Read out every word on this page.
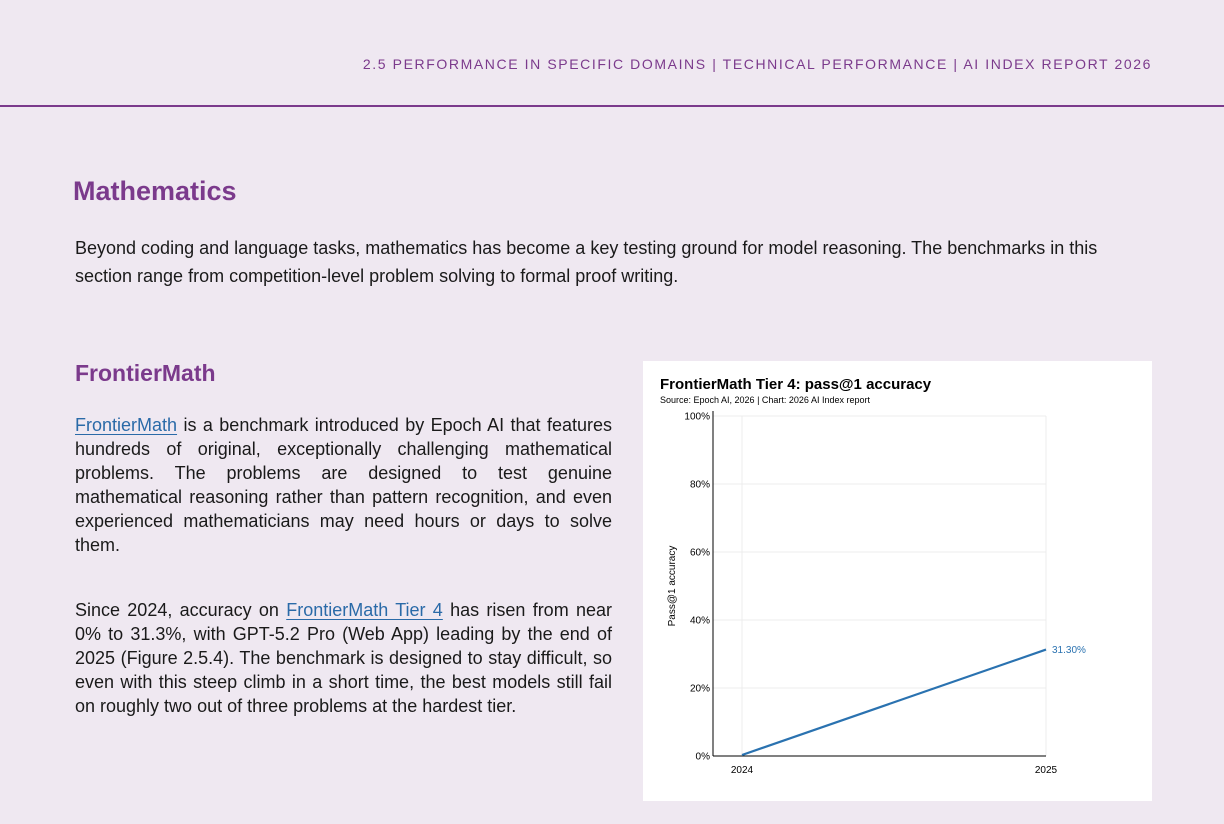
2.5 PERFORMANCE IN SPECIFIC DOMAINS | TECHNICAL PERFORMANCE | AI INDEX REPORT 2026
Mathematics

Beyond coding and language tasks, mathematics has become a key testing ground for model reasoning. The benchmarks in this section range from competition-level problem solving to formal proof writing.

FrontierMath

FrontierMath is a benchmark introduced by Epoch AI that features hundreds of original, exceptionally challenging mathematical problems. The problems are designed to test genuine mathematical reasoning rather than pattern recognition, and even experienced mathematicians may need hours or days to solve them.

Since 2024, accuracy on FrontierMath Tier 4 has risen from near 0% to 31.3%, with GPT-5.2 Pro (Web App) leading by the end of 2025 (Figure 2.5.4). The benchmark is designed to stay difficult, so even with this steep climb in a short time, the best models still fail on roughly two out of three problems at the hardest tier.

0%
20%
40%
60%
80%
100%
2024	2025
Pass@1 accuracy
31.30%
FrontierMath Tier 4: pass@1 accuracy
Source: Epoch AI, 2026 | Chart: 2026 AI Index report
